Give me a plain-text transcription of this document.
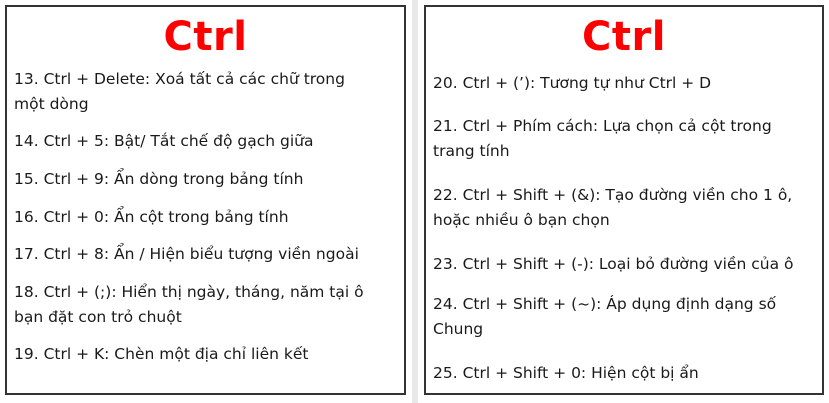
Ctrl
13. Ctrl + Delete: Xoá tất cả các chữ trong
một dòng
14. Ctrl + 5: Bật/ Tắt chế độ gạch giữa
15. Ctrl + 9: Ẩn dòng trong bảng tính
16. Ctrl + 0: Ẩn cột trong bảng tính
17. Ctrl + 8: Ẩn / Hiện biểu tượng viền ngoài
18. Ctrl + (;): Hiển thị ngày, tháng, năm tại ô
bạn đặt con trỏ chuột
19. Ctrl + K: Chèn một địa chỉ liên kết
Ctrl
20. Ctrl + (’): Tương tự như Ctrl + D
21. Ctrl + Phím cách: Lựa chọn cả cột trong
trang tính
22. Ctrl + Shift + (&): Tạo đường viền cho 1 ô,
hoặc nhiều ô bạn chọn
23. Ctrl + Shift + (-): Loại bỏ đường viền của ô
24. Ctrl + Shift + (~): Áp dụng định dạng số
Chung
25. Ctrl + Shift + 0: Hiện cột bị ẩn
